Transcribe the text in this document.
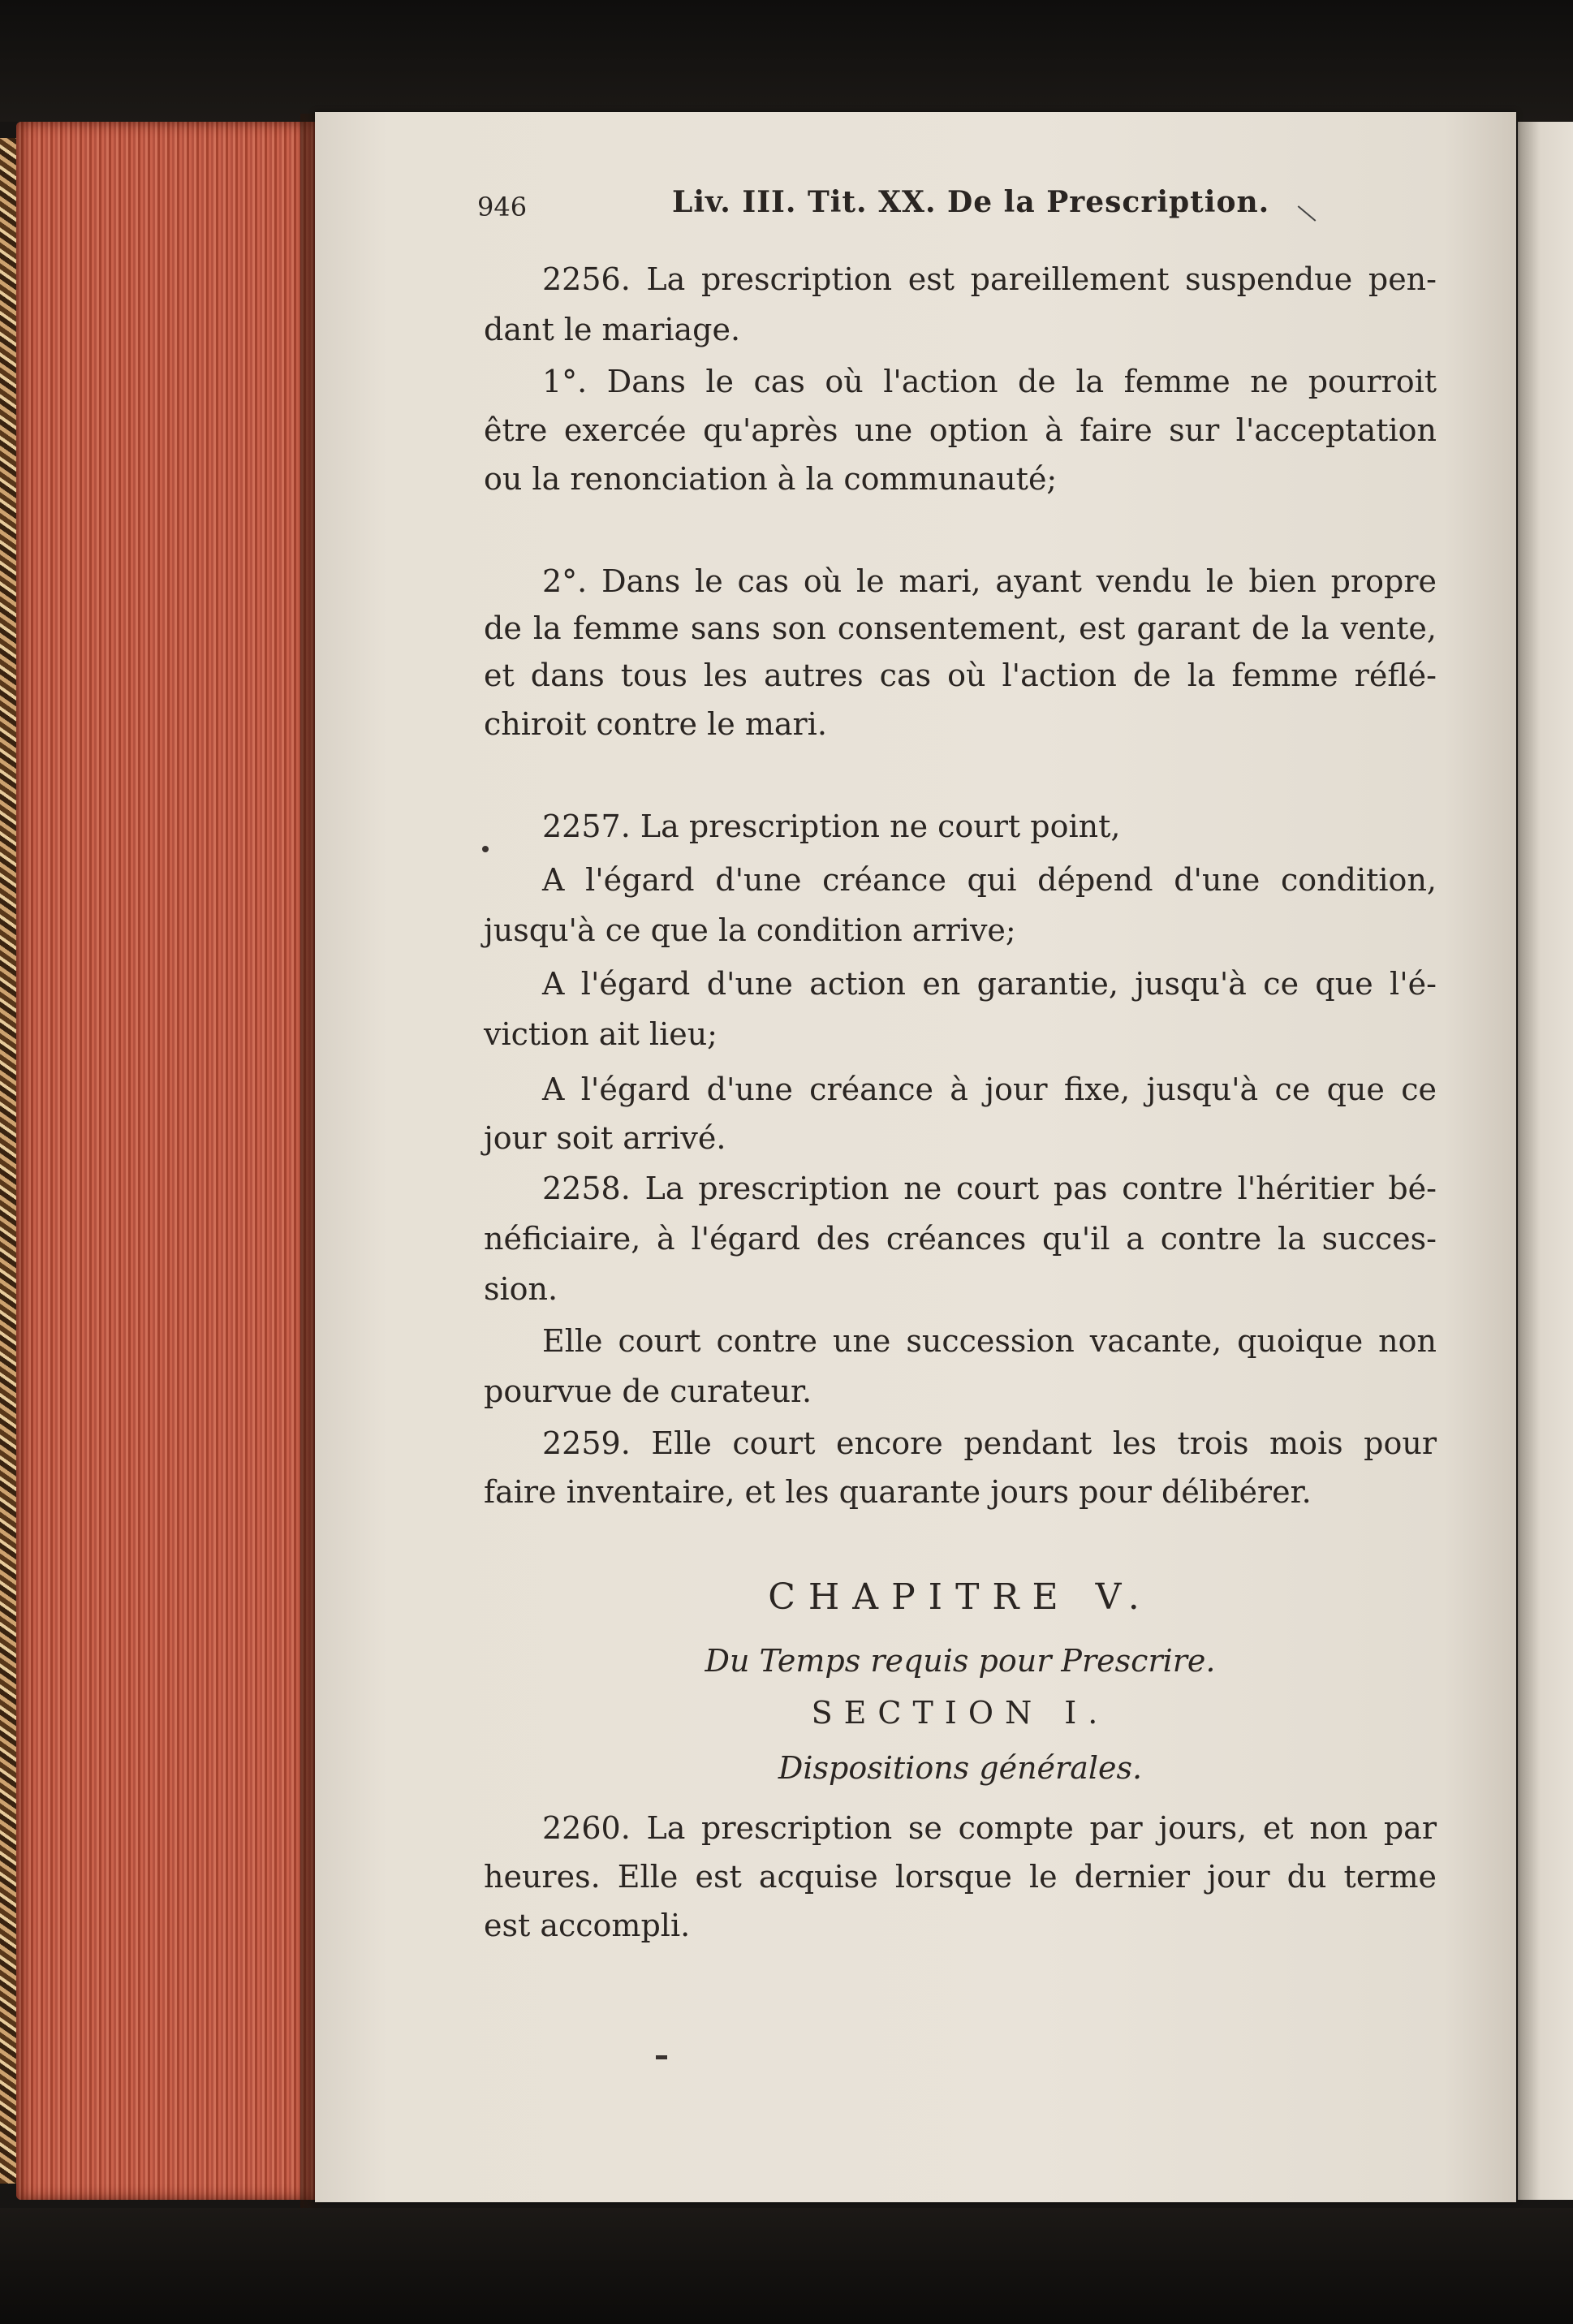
946	Liv. III. Tit. XX. De la Prescription.
2256. La prescription est pareillement suspendue pen-
dant le mariage.
1°. Dans le cas où l'action de la femme ne pourroit
être exercée qu'après une option à faire sur l'acceptation
ou la renonciation à la communauté;
2°. Dans le cas où le mari, ayant vendu le bien propre
de la femme sans son consentement, est garant de la vente,
et dans tous les autres cas où l'action de la femme réflé-
chiroit contre le mari.
2257. La prescription ne court point,
A l'égard d'une créance qui dépend d'une condition,
jusqu'à ce que la condition arrive;
A l'égard d'une action en garantie, jusqu'à ce que l'é-
viction ait lieu;
A l'égard d'une créance à jour fixe, jusqu'à ce que ce
jour soit arrivé.
2258. La prescription ne court pas contre l'héritier bé-
néficiaire, à l'égard des créances qu'il a contre la succes-
sion.
Elle court contre une succession vacante, quoique non
pourvue de curateur.
2259. Elle court encore pendant les trois mois pour
faire inventaire, et les quarante jours pour délibérer.
CHAPITRE V.
Du Temps requis pour Prescrire.
SECTION I.
Dispositions générales.
2260. La prescription se compte par jours, et non par
heures. Elle est acquise lorsque le dernier jour du terme
est accompli.
